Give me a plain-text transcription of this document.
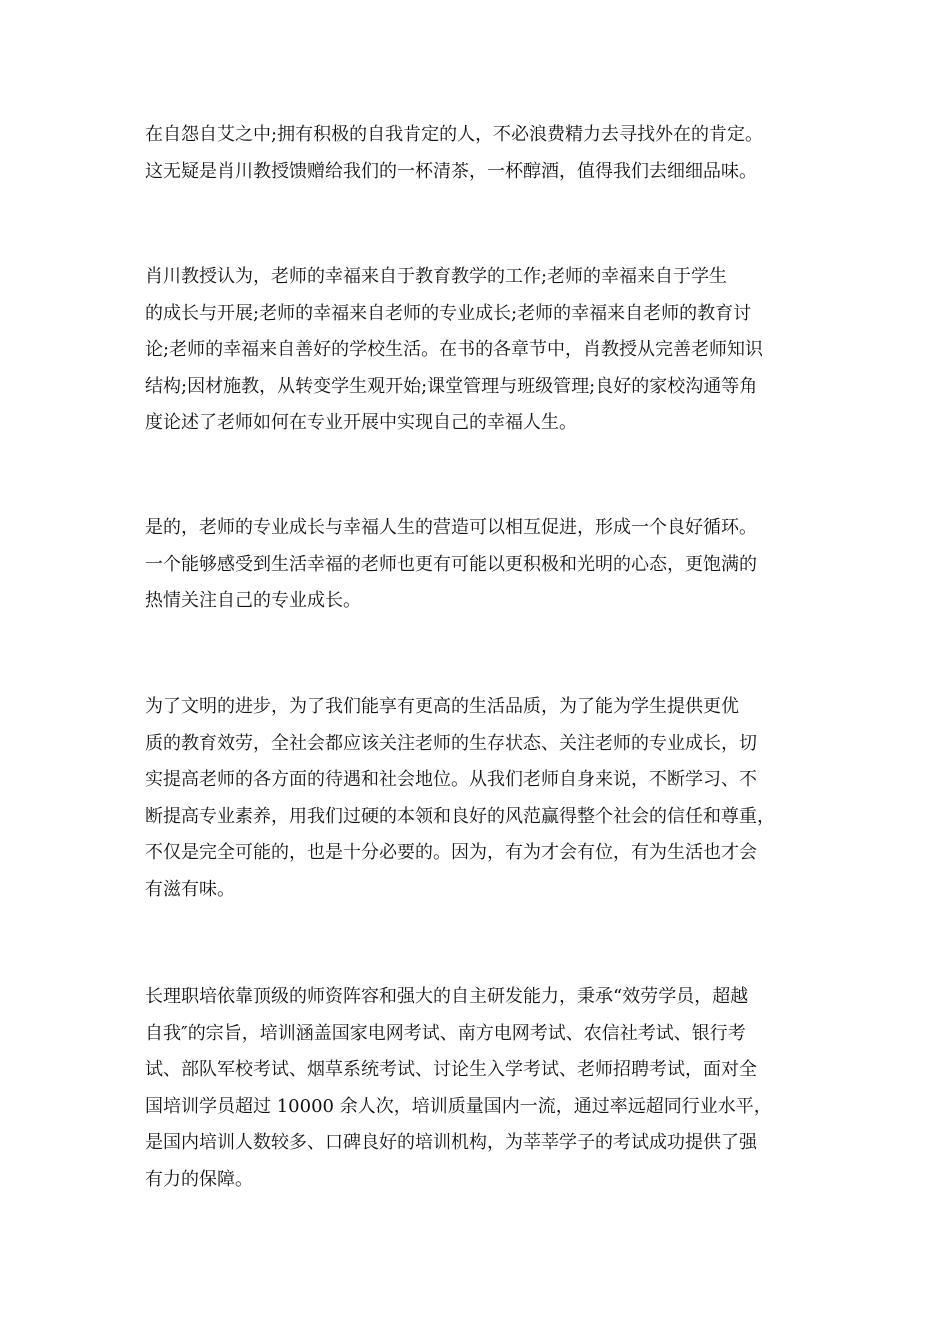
在自怨自艾之中;拥有积极的自我肯定的人，不必浪费精力去寻找外在的肯定。
这无疑是肖川教授馈赠给我们的一杯清茶，一杯醇酒，值得我们去细细品味。
肖川教授认为，老师的幸福来自于教育教学的工作;老师的幸福来自于学生
的成长与开展;老师的幸福来自老师的专业成长;老师的幸福来自老师的教育讨
论;老师的幸福来自善好的学校生活。在书的各章节中，肖教授从完善老师知识
结构;因材施教，从转变学生观开始;课堂管理与班级管理;良好的家校沟通等角
度论述了老师如何在专业开展中实现自己的幸福人生。
是的，老师的专业成长与幸福人生的营造可以相互促进，形成一个良好循环。
一个能够感受到生活幸福的老师也更有可能以更积极和光明的心态，更饱满的
热情关注自己的专业成长。
为了文明的进步，为了我们能享有更高的生活品质，为了能为学生提供更优
质的教育效劳，全社会都应该关注老师的生存状态、关注老师的专业成长，切
实提高老师的各方面的待遇和社会地位。从我们老师自身来说，不断学习、不
断提高专业素养，用我们过硬的本领和良好的风范赢得整个社会的信任和尊重，
不仅是完全可能的，也是十分必要的。因为，有为才会有位，有为生活也才会
有滋有味。
长理职培依靠顶级的师资阵容和强大的自主研发能力，秉承“效劳学员，超越
自我″的宗旨，培训涵盖国家电网考试、南方电网考试、农信社考试、银行考
试、部队军校考试、烟草系统考试、讨论生入学考试、老师招聘考试，面对全
国培训学员超过 10000 余人次，培训质量国内一流，通过率远超同行业水平，
是国内培训人数较多、口碑良好的培训机构，为莘莘学子的考试成功提供了强
有力的保障。
